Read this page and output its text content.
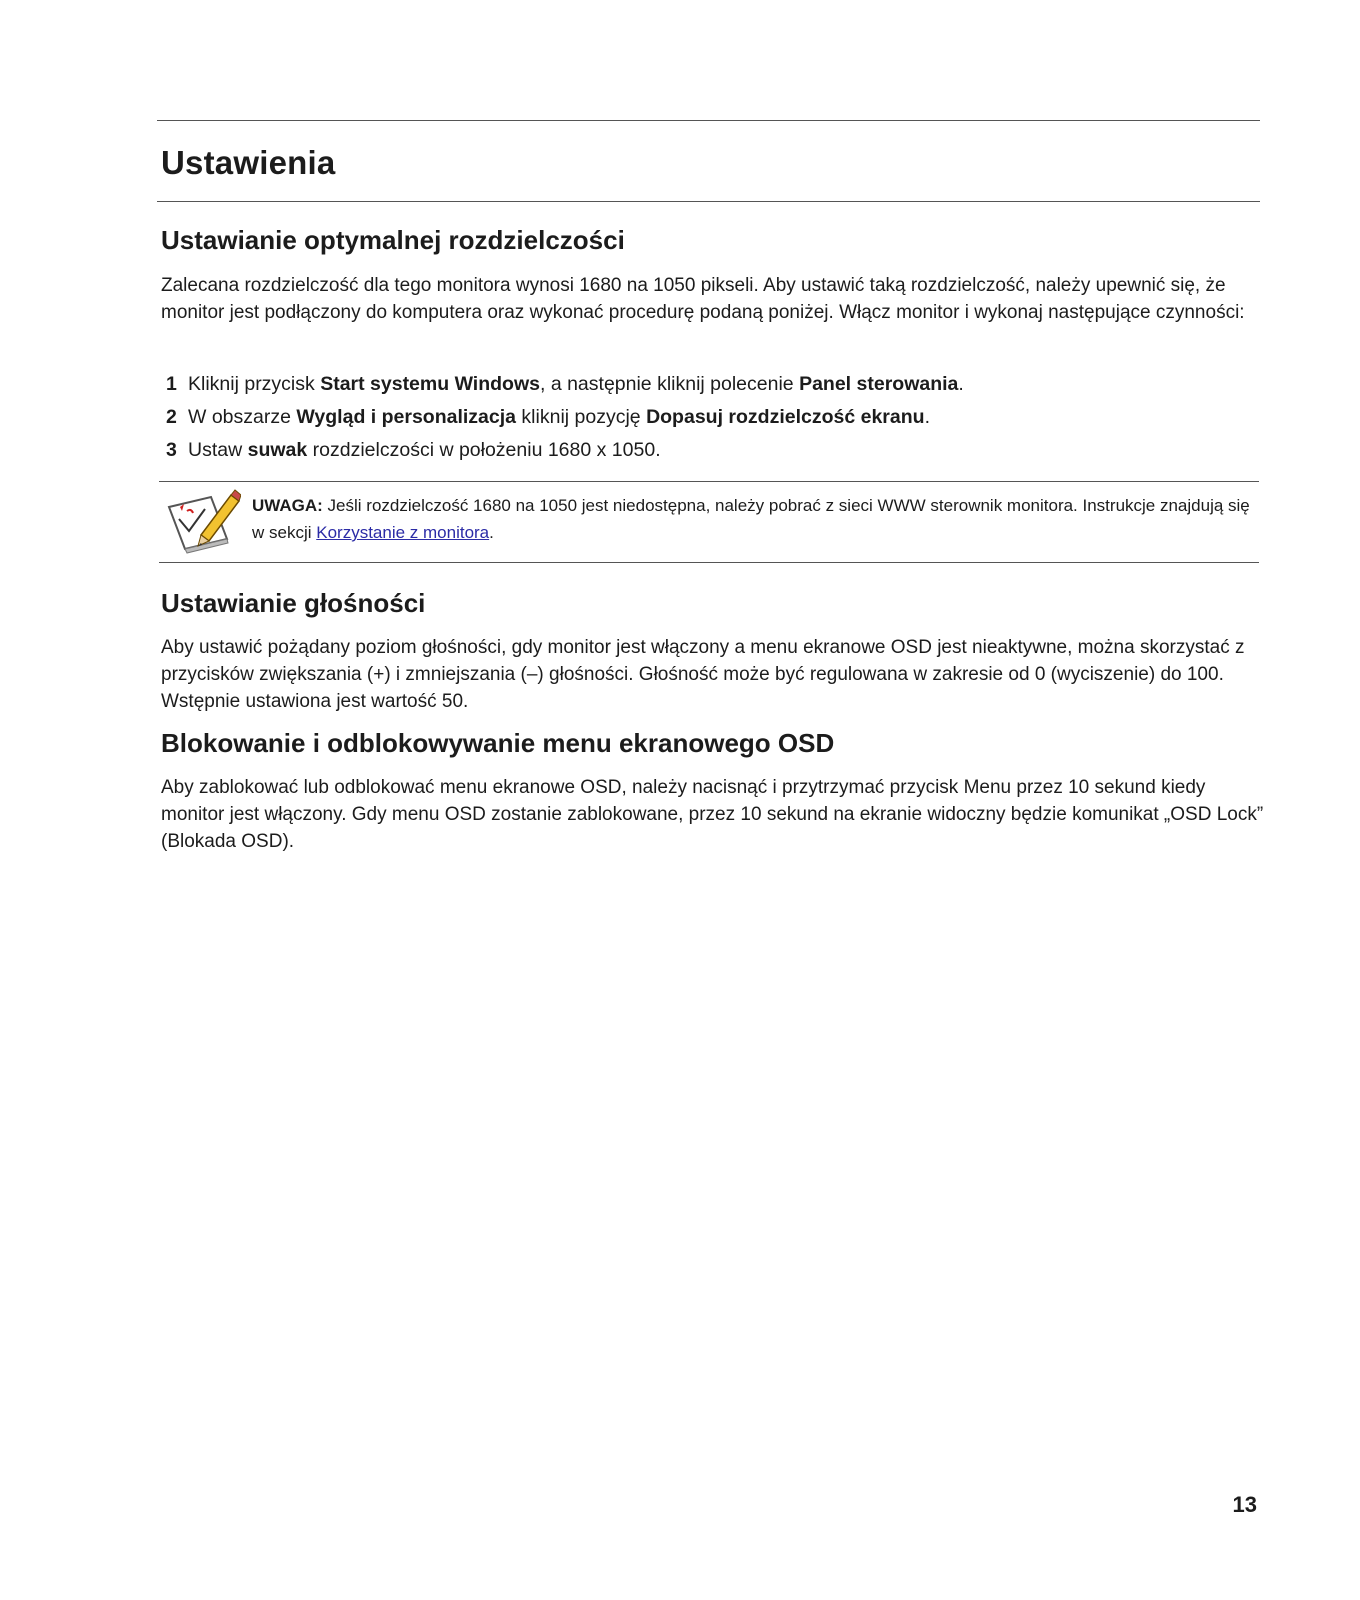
Ustawienia
Ustawianie optymalnej rozdzielczości

Zalecana rozdzielczość dla tego monitora wynosi 1680 na 1050 pikseli. Aby ustawić taką rozdzielczość, należy upewnić się, że monitor jest podłączony do komputera oraz wykonać procedurę podaną poniżej. Włącz monitor i wykonaj następujące czynności:

1 Kliknij przycisk Start systemu Windows, a następnie kliknij polecenie Panel sterowania.
2 W obszarze Wygląd i personalizacja kliknij pozycję Dopasuj rozdzielczość ekranu.
3 Ustaw suwak rozdzielczości w położeniu 1680 x 1050.
UWAGA: Jeśli rozdzielczość 1680 na 1050 jest niedostępna, należy pobrać z sieci WWW sterownik monitora. Instrukcje znajdują się w sekcji Korzystanie z monitora.
Ustawianie głośności

Aby ustawić pożądany poziom głośności, gdy monitor jest włączony a menu ekranowe OSD jest nieaktywne, można skorzystać z przycisków zwiększania (+) i zmniejszania (–) głośności. Głośność może być regulowana w zakresie od 0 (wyciszenie) do 100. Wstępnie ustawiona jest wartość 50.

Blokowanie i odblokowywanie menu ekranowego OSD

Aby zablokować lub odblokować menu ekranowe OSD, należy nacisnąć i przytrzymać przycisk Menu przez 10 sekund kiedy monitor jest włączony. Gdy menu OSD zostanie zablokowane, przez 10 sekund na ekranie widoczny będzie komunikat „OSD Lock” (Blokada OSD).

13
